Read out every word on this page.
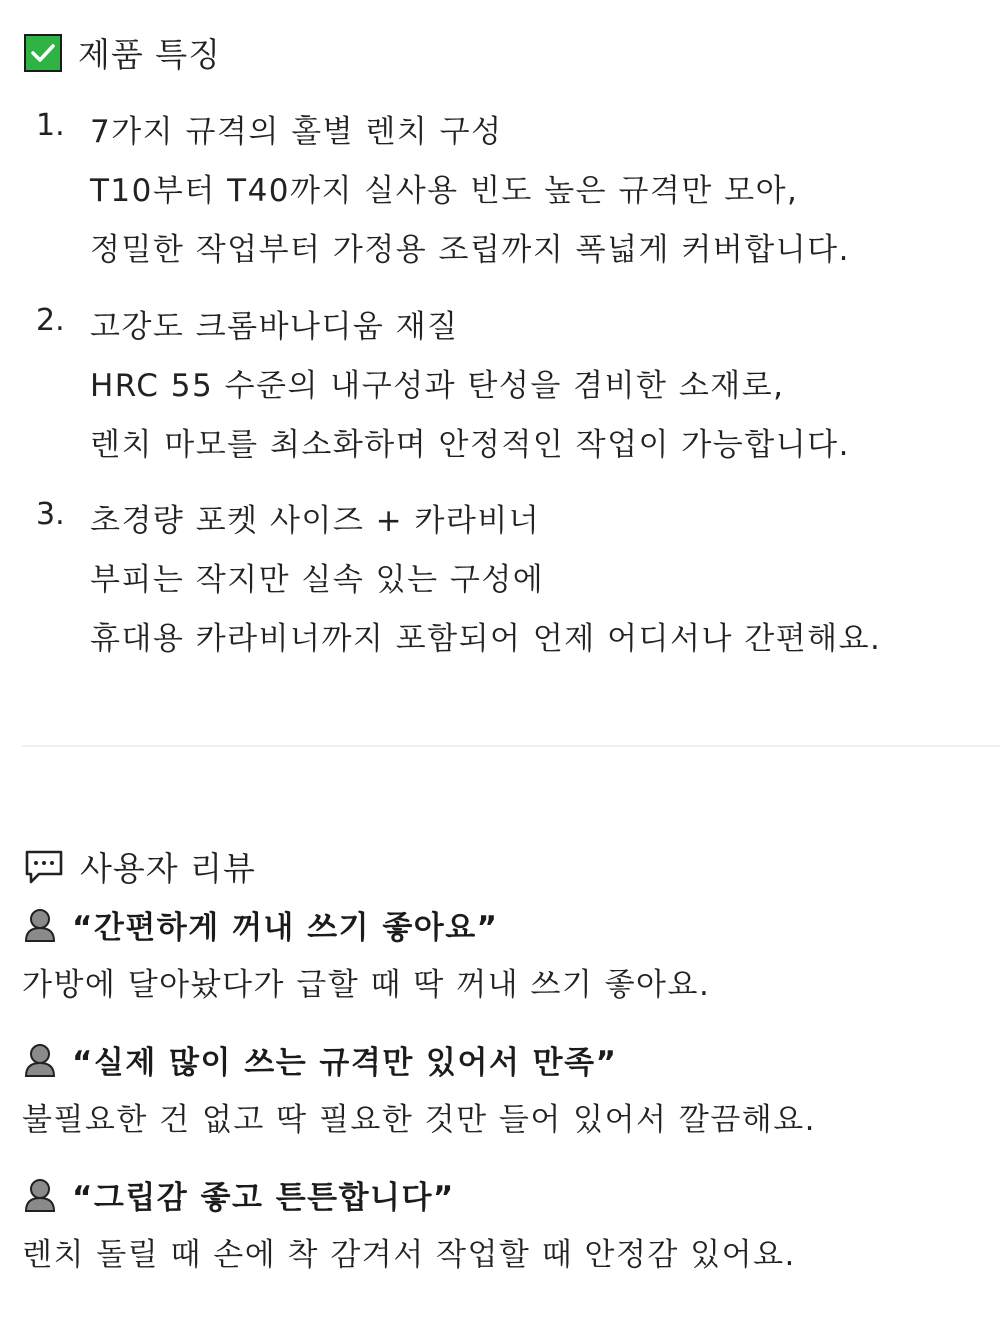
제품 특징
1. 7가지 규격의 홀별 렌치 구성
T10부터 T40까지 실사용 빈도 높은 규격만 모아,
정밀한 작업부터 가정용 조립까지 폭넓게 커버합니다.
2. 고강도 크롬바나디움 재질
HRC 55 수준의 내구성과 탄성을 겸비한 소재로,
렌치 마모를 최소화하며 안정적인 작업이 가능합니다.
3. 초경량 포켓 사이즈 + 카라비너
부피는 작지만 실속 있는 구성에
휴대용 카라비너까지 포함되어 언제 어디서나 간편해요.
사용자 리뷰
“간편하게 꺼내 쓰기 좋아요”
가방에 달아놨다가 급할 때 딱 꺼내 쓰기 좋아요.
“실제 많이 쓰는 규격만 있어서 만족”
불필요한 건 없고 딱 필요한 것만 들어 있어서 깔끔해요.
“그립감 좋고 튼튼합니다”
렌치 돌릴 때 손에 착 감겨서 작업할 때 안정감 있어요.
